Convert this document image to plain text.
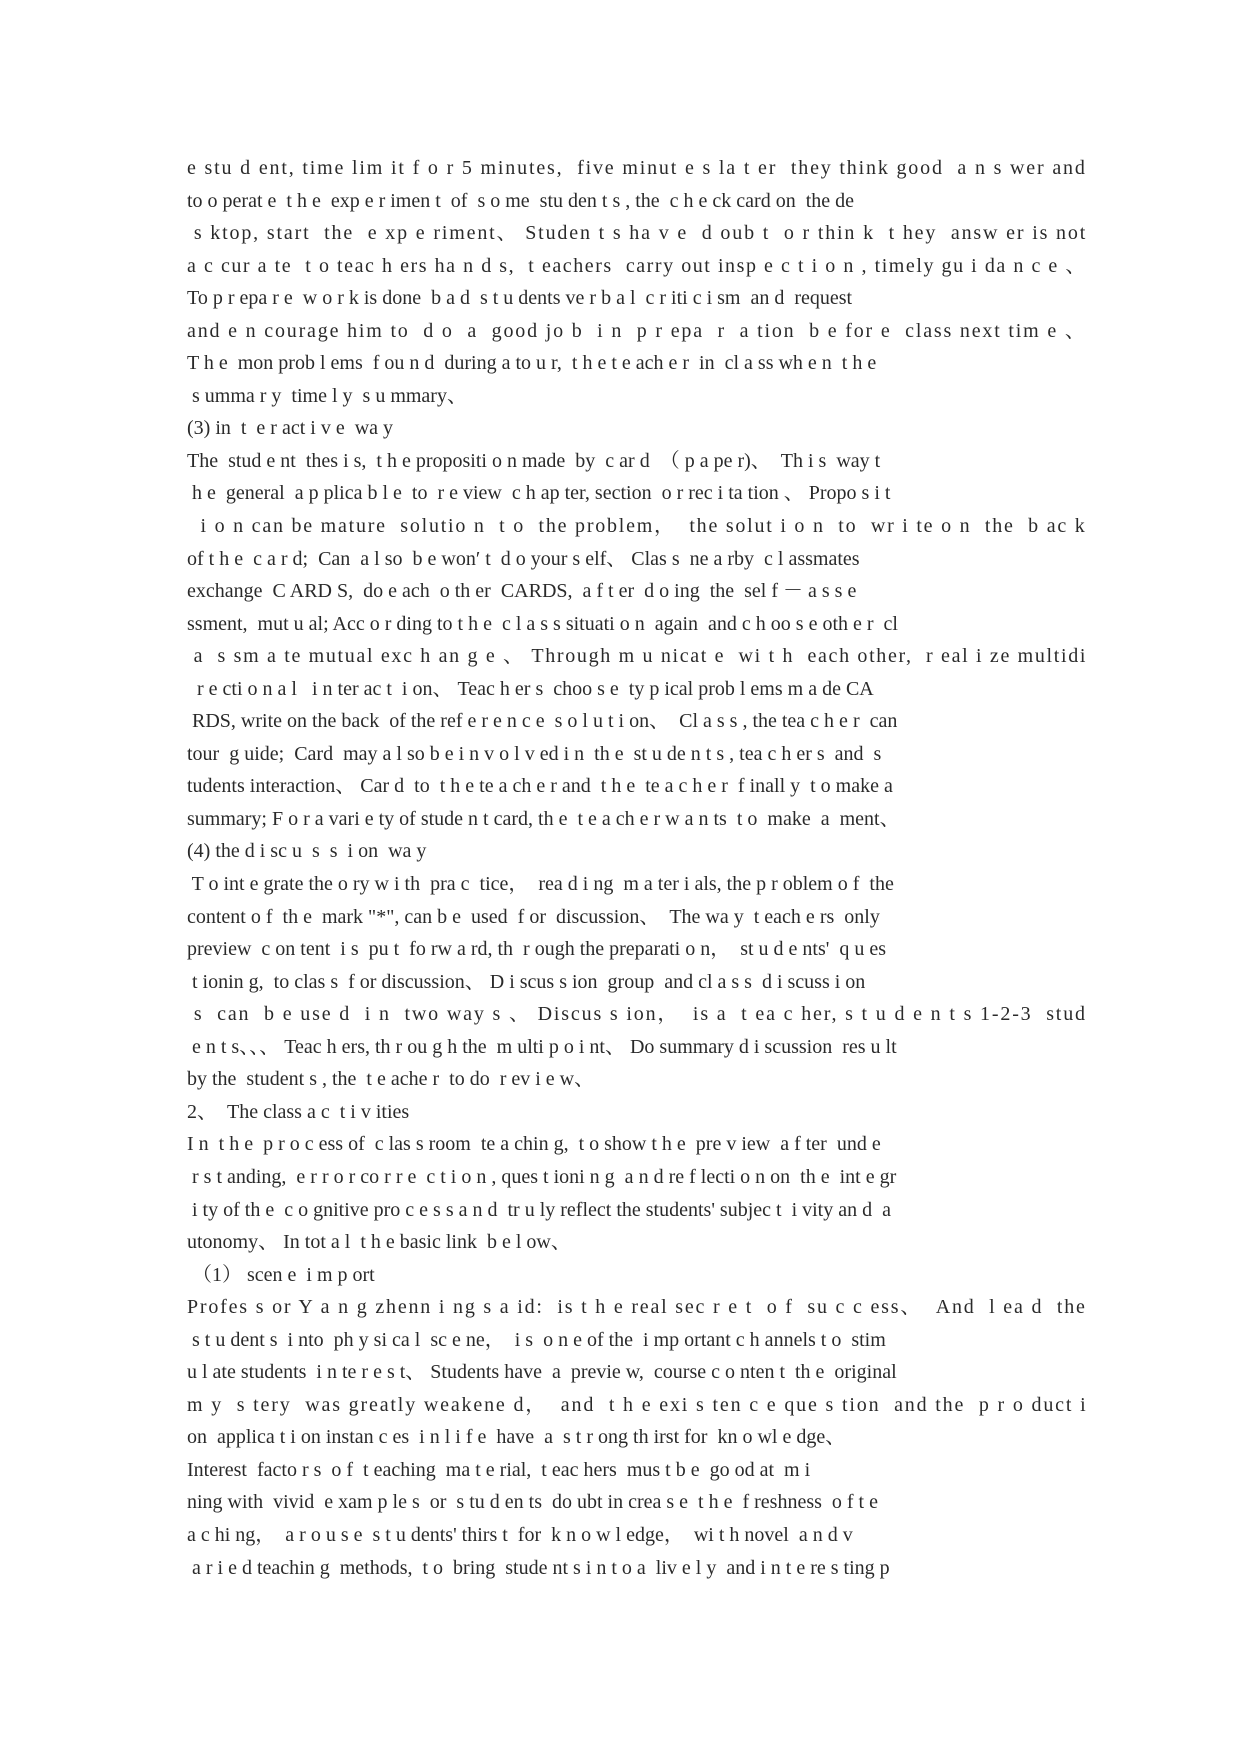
e stu d ent, time lim it f o r 5 minutes,  five minut e s la t er  they think good  a n s wer and
to o perat e  t h e  exp e r imen t  of  s o me  stu den t s , the  c h e ck card on  the de
s ktop, start  the  e xp e riment、 Studen t s ha v e  d oub t  o r thin k  t hey  answ er is not
a c cur a te  t o teac h ers ha n d s,  t eachers  carry out insp e c t i o n , timely gu i da n c e 、
To p r epa r e  w o r k is done  b a d  s t u dents ve r b a l  c r iti c i sm  an d  request
and e n courage him to  d o  a  good jo b  i n  p r epa  r  a tion  b e for e  class next tim e 、
T h e  mon prob l ems  f ou n d  during a to u r,  t h e t e ach e r  in  cl a ss wh e n  t h e
s umma r y  time l y  s u mmary、
(3) in  t  e r act i v e  wa y
The  stud e nt  thes i s,  t h e propositi o n made  by  c ar d  （ p a pe r)、  Th i s  way t
h e  general  a p plica b l e  to  r e view  c h ap ter, section  o r rec i ta tion 、 Propo s i t
i o n can be mature  solutio n  t o  the problem，  the solut i o n  to  wr i te o n  the  b ac k
of t h e  c a r d;  Can  a l so  b e won′ t  d o your s elf、 Clas s  ne a rby  c l assmates
exchange  C ARD S,  do e ach  o th er  CARDS,  a f t er  d o ing  the  sel f － a s s e
ssment,  mut u al; Acc o r ding to t h e  c l a s s situati o n  again  and c h oo s e oth e r  cl
a  s sm a te mutual exc h an g e 、 Through m u nicat e  wi t h  each other,  r eal i ze multidi
r e cti o n a l   i n ter ac t  i on、 Teac h er s  choo s e  ty p ical prob l ems m a de CA
RDS, write on the back  of the ref e r e n c e  s o l u t i on、  Cl a s s , the tea c h e r  can
tour  g uide;  Card  may a l so b e i n v o l v ed i n  th e  st u de n t s , tea c h er s  and  s
tudents interaction、 Car d  to  t h e te a ch e r and  t h e  te a c h e r  f inall y  t o make a
summary; F o r a vari e ty of stude n t card, th e  t e a ch e r w a n ts  t o  make  a  ment、
(4) the d i sc u  s  s  i on  wa y
T o int e grate the o ry w i th  pra c  tice，  rea d i ng  m a ter i als, the p r oblem o f  the
content o f  th e  mark "*", can b e  used  f or  discussion、  The wa y  t each e rs  only
preview  c on tent  i s  pu t  fo rw a rd, th  r ough the preparati o n，  st u d e nts'  q u es
t ionin g,  to clas s  f or discussion、 D i scus s ion  group  and cl a s s  d i scuss i on
s  can  b e use d  i n  two way s 、 Discus s ion，  is a  t ea c her, s t u d e n t s 1-2-3  stud
e n t s、、、 Teac h ers, th r ou g h the  m ulti p o i nt、 Do summary d i scussion  res u lt
by the  student s , the  t e ache r  to do  r ev i e w、
2、  The class a c  t i v ities
I n  t h e  p r o c ess of  c las s room  te a chin g,  t o show t h e  pre v iew  a f ter  und e
r s t anding,  e r r o r co r r e  c t i o n , ques t ioni n g  a n d re f lecti o n on  th e  int e gr
i ty of th e  c o gnitive pro c e s s a n d  tr u ly reflect the students' subjec t  i vity an d  a
utonomy、 In tot a l  t h e basic link  b e l ow、
（1） scen e  i m p ort
Profes s or Y a n g zhenn i ng s a id:  is t h e real sec r e t  o f  su c c ess、  And  l ea d  the
s t u dent s  i nto  ph y si ca l  sc e ne，  i s  o n e of the  i mp ortant c h annels t o  stim
u l ate students  i n te r e s t、 Students have  a  previe w,  course c o nten t  th e  original
m y  s tery  was greatly weakene d，  and  t h e exi s ten c e que s tion  and the  p r o duct i
on  applica t i on instan c es  i n l i f e  have  a  s t r ong th irst for  kn o wl e dge、
Interest  facto r s  o f  t eaching  ma t e rial,  t eac hers  mus t b e  go od at  m i
ning with  vivid  e xam p le s  or  s tu d en ts  do ubt in crea s e  t h e  f reshness  o f t e
a c hi ng，  a r o u s e  s t u dents' thirs t  for  k n o w l edge，  wi t h novel  a n d v
a r i e d teachin g  methods,  t o  bring  stude nt s i n t o a  liv e l y  and i n t e re s ting p
